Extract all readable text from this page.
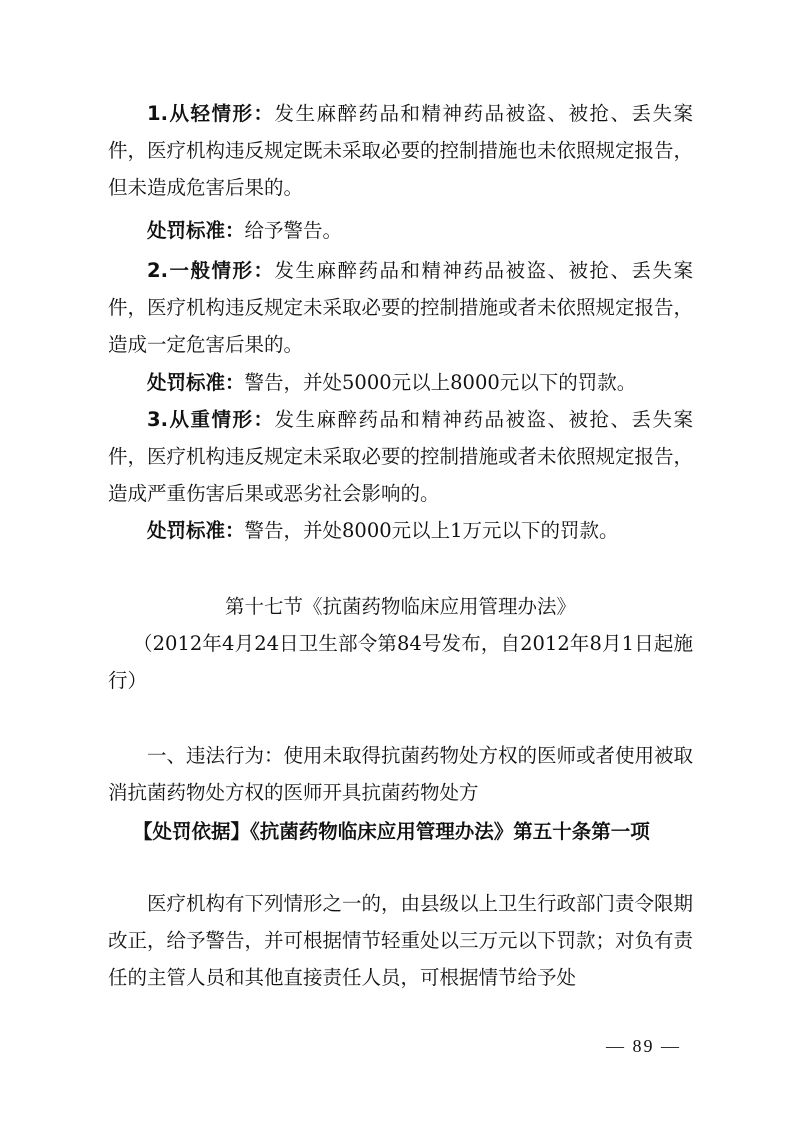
1.从轻情形：发生麻醉药品和精神药品被盗、被抢、丢失案件，医疗机构违反规定既未采取必要的控制措施也未依照规定报告，但未造成危害后果的。

处罚标准：给予警告。

2.一般情形：发生麻醉药品和精神药品被盗、被抢、丢失案件，医疗机构违反规定未采取必要的控制措施或者未依照规定报告，造成一定危害后果的。

处罚标准：警告，并处5000元以上8000元以下的罚款。

3.从重情形：发生麻醉药品和精神药品被盗、被抢、丢失案件，医疗机构违反规定未采取必要的控制措施或者未依照规定报告，造成严重伤害后果或恶劣社会影响的。

处罚标准：警告，并处8000元以上1万元以下的罚款。

第十七节《抗菌药物临床应用管理办法》

（2012年4月24日卫生部令第84号发布，自2012年8月1日起施行）

一、违法行为：使用未取得抗菌药物处方权的医师或者使用被取消抗菌药物处方权的医师开具抗菌药物处方

【处罚依据】《抗菌药物临床应用管理办法》第五十条第一项

医疗机构有下列情形之一的，由县级以上卫生行政部门责令限期改正，给予警告，并可根据情节轻重处以三万元以下罚款；对负有责任的主管人员和其他直接责任人员，可根据情节给予处

— 89 —
